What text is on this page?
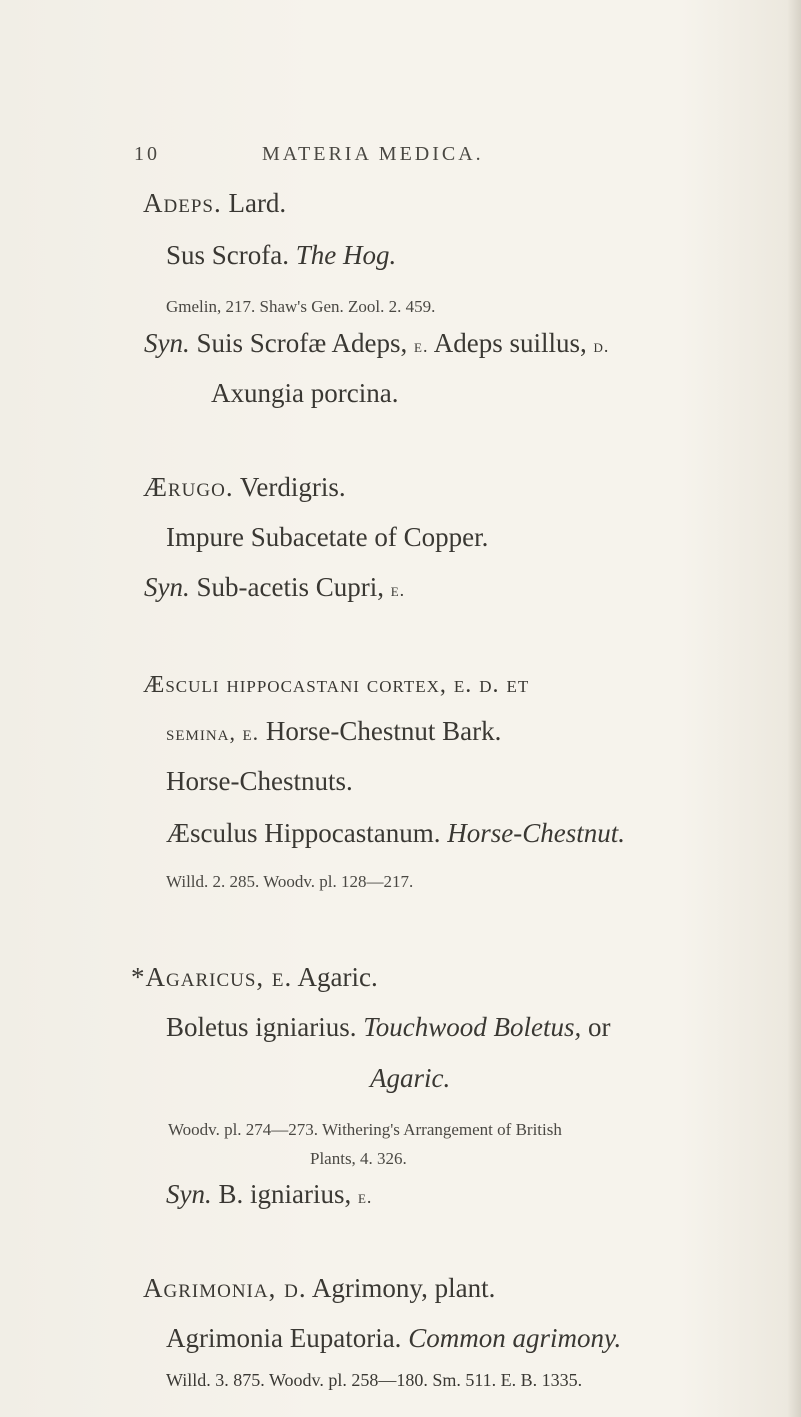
10	MATERIA MEDICA.
Adeps. Lard.
Sus Scrofa. The Hog.
Gmelin, 217. Shaw's Gen. Zool. 2. 459.
Syn. Suis Scrofæ Adeps, e. Adeps suillus, d.
Axungia porcina.
Ærugo. Verdigris.
Impure Subacetate of Copper.
Syn. Sub-acetis Cupri, e.
Æsculi hippocastani cortex, e. d. et
semina, e. Horse-Chestnut Bark.
Horse-Chestnuts.
Æsculus Hippocastanum. Horse-Chestnut.
Willd. 2. 285. Woodv. pl. 128—217.
*Agaricus, e. Agaric.
Boletus igniarius. Touchwood Boletus, or
Agaric.
Woodv. pl. 274—273. Withering's Arrangement of British
Plants, 4. 326.
Syn. B. igniarius, e.
Agrimonia, d. Agrimony, plant.
Agrimonia Eupatoria. Common agrimony.
Willd. 3. 875. Woodv. pl. 258—180. Sm. 511. E. B. 1335.
